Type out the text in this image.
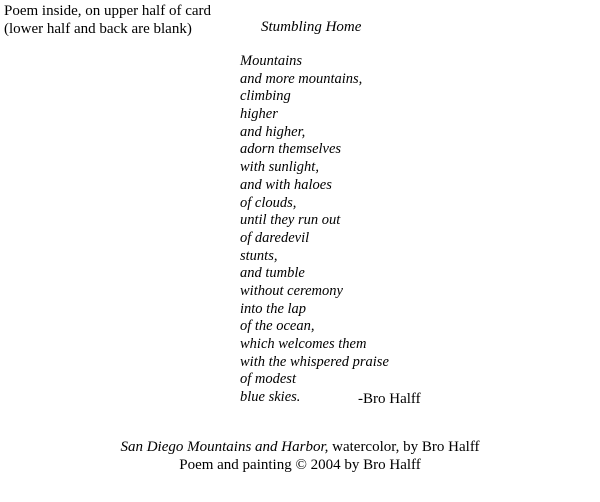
Poem inside, on upper half of card
(lower half and back are blank)	Stumbling Home
Mountains
and more mountains,
climbing
higher
and higher,
adorn themselves
with sunlight,
and with haloes
of clouds,
until they run out
of daredevil
stunts,
and tumble
without ceremony
into the lap
of the ocean,
which welcomes them
with the whispered praise
of modest
blue skies.	-Bro Halff
San Diego Mountains and Harbor, watercolor, by Bro Halff
Poem and painting © 2004 by Bro Halff
